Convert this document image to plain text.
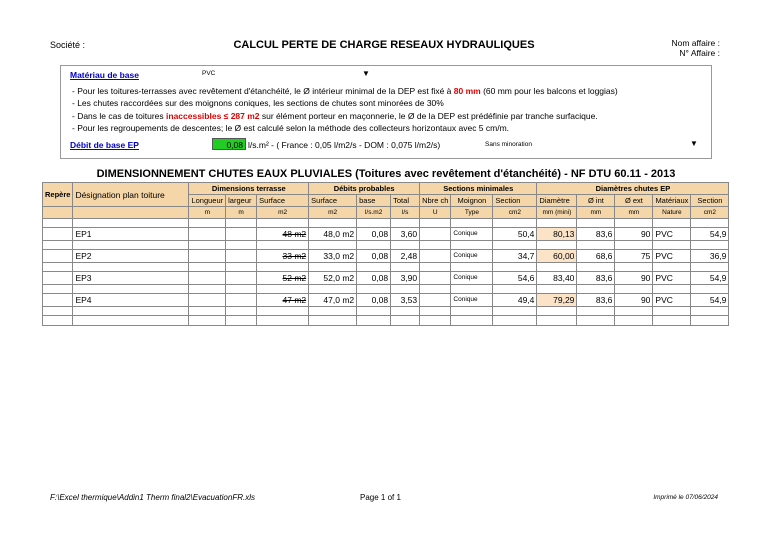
Société :	CALCUL PERTE DE CHARGE RESEAUX HYDRAULIQUES	Nom affaire :
N° Affaire :
Matériau de base	PVC	▼
- Pour les toitures-terrasses avec revêtement d'étanchéité, le Ø intérieur minimal de la DEP est fixé à 80 mm (60 mm pour les balcons et loggias)
- Les chutes raccordées sur des moignons coniques, les sections de chutes sont minorées de 30%
- Dans le cas de toitures inaccessibles ≤ 287 m2 sur élément porteur en maçonnerie, le Ø de la DEP est prédéfinie par tranche surfacique.
- Pour les regroupements de descentes; le Ø est calculé selon la méthode des collecteurs horizontaux avec 5 cm/m.
Débit de base EP	0,08 l/s.m² - ( France : 0,05 l/m2/s - DOM : 0,075 l/m2/s)	Sans minoration	▼
DIMENSIONNEMENT CHUTES EAUX PLUVIALES (Toitures avec revêtement d'étanchéité) - NF DTU 60.11 - 2013
Repère	Désignation plan toiture	Dimensions terrasse			Débits probables			Sections minimales			Diamètres chutes EP				
		Longueur	largeur	Surface	Surface	base	Total	Nbre ch	Moignon	Section	Diamètre	Ø int	Ø ext	Matériaux	Section
		m	m	m2	m2	l/s.m2	l/s	U	Type	cm2	mm (mini)	mm	mm	Nature	cm2

	EP1			48 m2	48,0 m2	0,08	3,60		Conique	50,4	80,13	83,6	90	PVC	54,9

	EP2			33 m2	33,0 m2	0,08	2,48		Conique	34,7	60,00	68,6	75	PVC	36,9

	EP3			52 m2	52,0 m2	0,08	3,90		Conique	54,6	83,40	83,6	90	PVC	54,9

	EP4			47 m2	47,0 m2	0,08	3,53		Conique	49,4	79,29	83,6	90	PVC	54,9

F:\Excel thermique\Addin1 Therm final2\EvacuationFR.xls	Page 1 of 1	Imprimé le 07/06/2024
